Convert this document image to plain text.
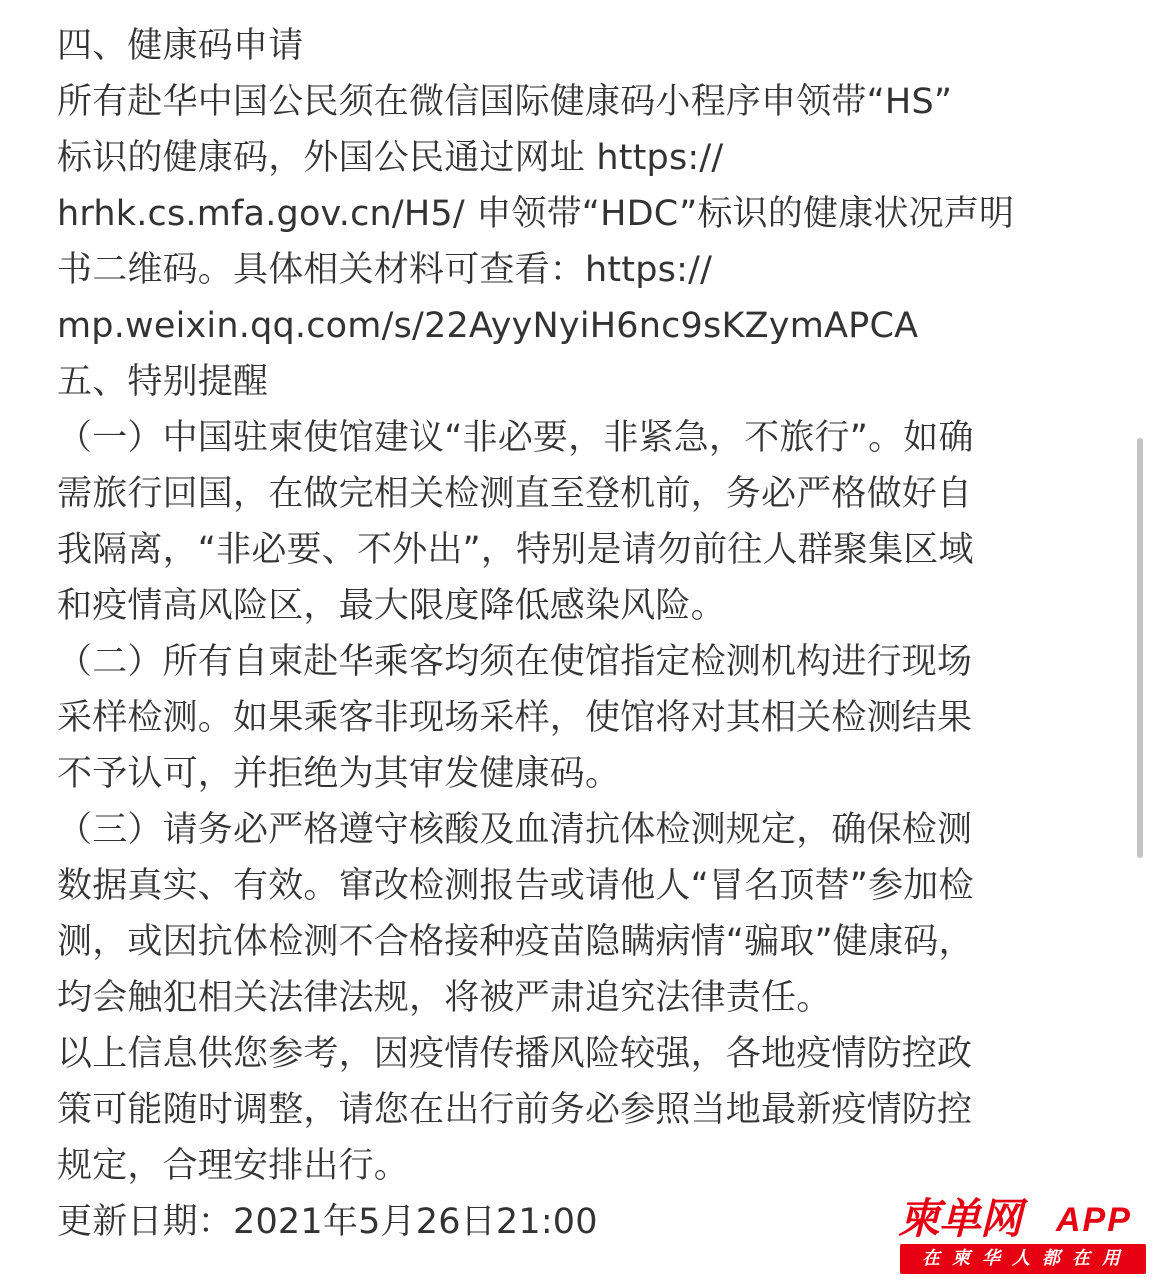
四、健康码申请
所有赴华中国公民须在微信国际健康码小程序申领带“HS”
标识的健康码，外国公民通过网址 https://
hrhk.cs.mfa.gov.cn/H5/ 申领带“HDC”标识的健康状况声明
书二维码。具体相关材料可查看：https://
mp.weixin.qq.com/s/22AyyNyiH6nc9sKZymAPCA
五、特别提醒
（一）中国驻柬使馆建议“非必要，非紧急，不旅行”。如确
需旅行回国，在做完相关检测直至登机前，务必严格做好自
我隔离，“非必要、不外出”，特别是请勿前往人群聚集区域
和疫情高风险区，最大限度降低感染风险。
（二）所有自柬赴华乘客均须在使馆指定检测机构进行现场
采样检测。如果乘客非现场采样，使馆将对其相关检测结果
不予认可，并拒绝为其审发健康码。
（三）请务必严格遵守核酸及血清抗体检测规定，确保检测
数据真实、有效。窜改检测报告或请他人“冒名顶替”参加检
测，或因抗体检测不合格接种疫苗隐瞒病情“骗取”健康码，
均会触犯相关法律法规，将被严肃追究法律责任。
以上信息供您参考，因疫情传播风险较强，各地疫情防控政
策可能随时调整，请您在出行前务必参照当地最新疫情防控
规定，合理安排出行。
更新日期：2021年5月26日21:00	柬单网 APP
在柬华人都在用
